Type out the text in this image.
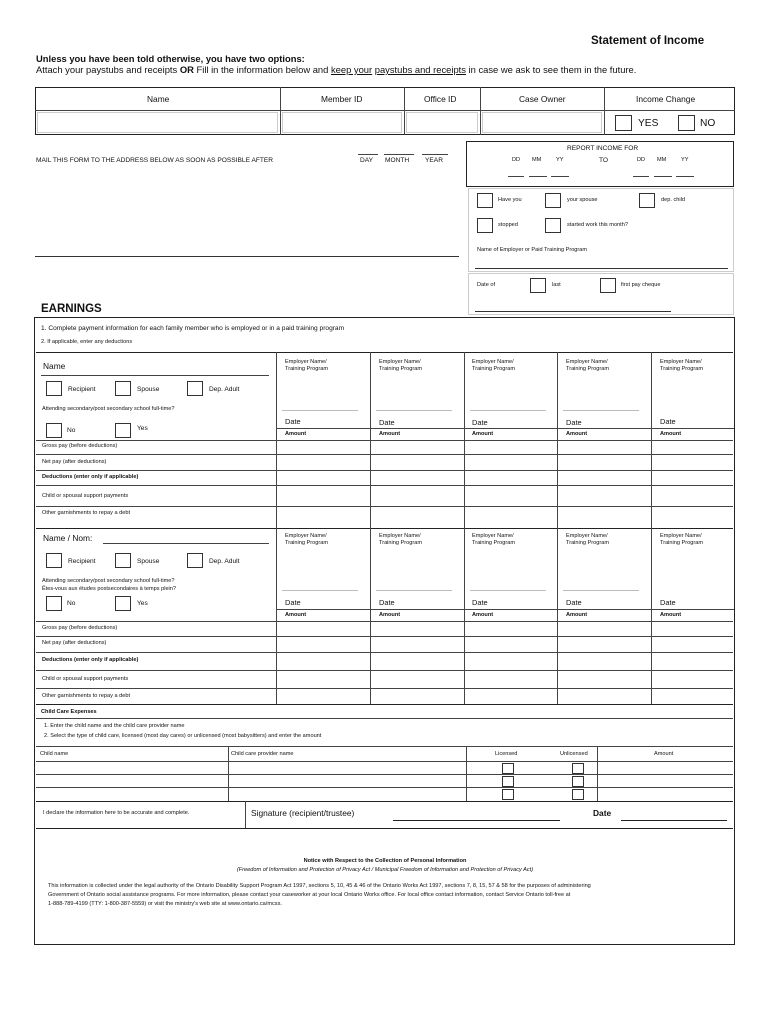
Statement of Income
Unless you have been told otherwise, you have two options:
Attach your paystubs and receipts OR Fill in the information below and keep your paystubs and receipts in case we ask to see them in the future.
Name	Member ID	Office ID	Case Owner	Income Change
YES	NO
MAIL THIS FORM TO THE ADDRESS BELOW AS SOON AS POSSIBLE AFTER	DAY MONTH YEAR
REPORT INCOME FOR
DD MM	YY	TO	DD MM	YY
Have you	your spouse	dep. child
stopped	started work this month?
Name of Employer or Paid Training Program
Date of	last	first pay cheque
EARNINGS
1. Complete payment information for each family member who is employed or in a paid training program
2. If applicable, enter any deductions
Name
Recipient	Spouse	Dep. Adult
Attending secondary/post secondary school full-time?
No	Yes
Employer Name/
Training Program
Employer Name/
Training Program
Employer Name/
Training Program
Employer Name/
Training Program
Employer Name/
Training Program
Date	Date	Date	Date	Date
Amount	Amount	Amount	Amount	Amount
Gross pay (before deductions)
Net pay (after deductions)
Deductions (enter only if applicable)
Child or spousal support payments
Other garnishments to repay a debt
Name / Nom:
Recipient	Spouse	Dep. Adult
Attending secondary/post secondary school full-time?
Êtes-vous aux études postsecondaires à temps plein?
No	Yes
Employer Name/
Training Program
Employer Name/
Training Program
Employer Name/
Training Program
Employer Name/
Training Program
Employer Name/
Training Program
Date	Date	Date	Date	Date
Amount	Amount	Amount	Amount	Amount
Gross pay (before deductions)
Net pay (after deductions)
Deductions (enter only if applicable)
Child or spousal support payments
Other garnishments to repay a debt
Child Care Expenses
1. Enter the child name and the child care provider name
2. Select the type of child care, licensed (most day cares) or unlicensed (most babysitters) and enter the amount
Child name	Child care provider name	Licensed	Unlicensed	Amount
I declare the information here to be accurate and complete.	Signature (recipient/trustee)	Date
Notice with Respect to the Collection of Personal Information
(Freedom of Information and Protection of Privacy Act / Municipal Freedom of Information and Protection of Privacy Act)
This information is collected under the legal authority of the Ontario Disability Support Program Act 1997, sections 5, 10, 45 & 46 of the Ontario Works Act 1997, sections 7, 8, 15, 57 & 58 for the purposes of administering
Government of Ontario social assistance programs. For more information, please contact your caseworker at your local Ontario Works office. For local office contact information, contact Service Ontario toll-free at
1-888-789-4199 (TTY: 1-800-387-5559) or visit the ministry's web site at www.ontario.ca/mcss.
